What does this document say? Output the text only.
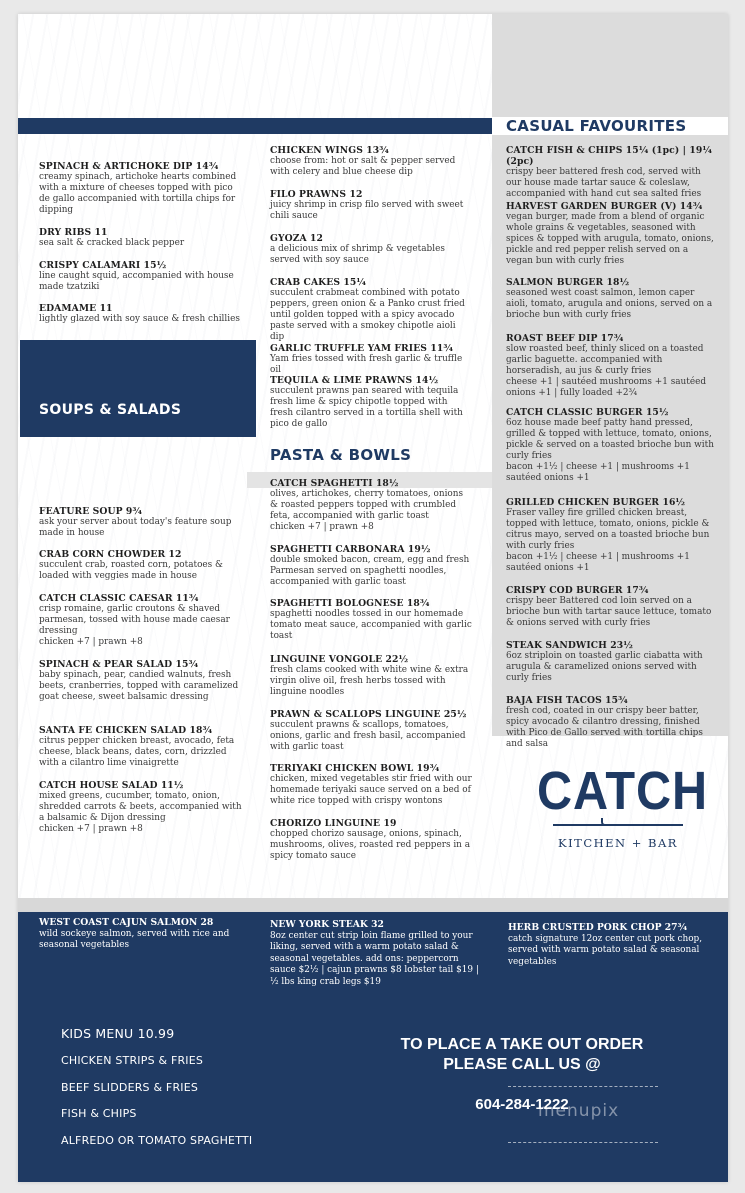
CASUAL FAVOURITES
SOUPS & SALADS
PASTA & BOWLS
SPINACH & ARTICHOKE DIP 14¾
creamy spinach, artichoke hearts combined with a mixture of cheeses topped with pico de gallo accompanied with tortilla chips for dipping
DRY RIBS 11
sea salt & cracked black pepper
CRISPY CALAMARI 15½
line caught squid, accompanied with house made tzatziki
EDAMAME 11
lightly glazed with soy sauce & fresh chillies
CHICKEN WINGS 13¾
choose from: hot or salt & pepper served with celery and blue cheese dip
FILO PRAWNS 12
juicy shrimp in crisp filo served with sweet chili sauce
GYOZA 12
a delicious mix of shrimp & vegetables served with soy sauce
CRAB CAKES 15¼
succulent crabmeat combined with potato peppers, green onion & a Panko crust fried until golden topped with a spicy avocado paste served with a smokey chipotle aioli dip
GARLIC TRUFFLE YAM FRIES 11¾
Yam fries tossed with fresh garlic & truffle oil
TEQUILA & LIME PRAWNS 14½
succulent prawns pan seared with tequila fresh lime & spicy chipotle topped with fresh cilantro served in a tortilla shell with pico de gallo
FEATURE SOUP 9¾
ask your server about today's feature soup made in house
CRAB CORN CHOWDER 12
succulent crab, roasted corn, potatoes & loaded with veggies made in house
CATCH CLASSIC CAESAR 11¾
crisp romaine, garlic croutons & shaved parmesan, tossed with house made caesar dressing
chicken +7 | prawn +8
SPINACH & PEAR SALAD 15¾
baby spinach, pear, candied walnuts, fresh beets, cranberries, topped with caramelized goat cheese, sweet balsamic dressing
SANTA FE CHICKEN SALAD 18¾
citrus pepper chicken breast, avocado, feta cheese, black beans, dates, corn, drizzled with a cilantro lime vinaigrette
CATCH HOUSE SALAD 11½
mixed greens, cucumber, tomato, onion, shredded carrots & beets, accompanied with a balsamic & Dijon dressing
chicken +7 | prawn +8
CATCH SPAGHETTI 18½
olives, artichokes, cherry tomatoes, onions & roasted peppers topped with crumbled feta, accompanied with garlic toast
chicken +7 | prawn +8
SPAGHETTI CARBONARA 19½
double smoked bacon, cream, egg and fresh Parmesan served on spaghetti noodles, accompanied with garlic toast
SPAGHETTI BOLOGNESE 18¾
spaghetti noodles tossed in our homemade tomato meat sauce, accompanied with garlic toast
LINGUINE VONGOLE 22½
fresh clams cooked with white wine & extra virgin olive oil, fresh herbs tossed with linguine noodles
PRAWN & SCALLOPS LINGUINE 25½
succulent prawns & scallops, tomatoes, onions, garlic and fresh basil, accompanied with garlic toast
TERIYAKI CHICKEN BOWL 19¾
chicken, mixed vegetables stir fried with our homemade teriyaki sauce served on a bed of white rice topped with crispy wontons
CHORIZO LINGUINE 19
chopped chorizo sausage, onions, spinach, mushrooms, olives, roasted red peppers in a spicy tomato sauce
CATCH FISH & CHIPS 15¼ (1pc) | 19¼ (2pc)
crispy beer battered fresh cod, served with our house made tartar sauce & coleslaw, accompanied with hand cut sea salted fries
HARVEST GARDEN BURGER (V) 14¾
vegan burger, made from a blend of organic whole grains & vegetables, seasoned with spices & topped with arugula, tomato, onions, pickle and red pepper relish served on a vegan bun with curly fries
SALMON BURGER 18½
seasoned west coast salmon, lemon caper aioli, tomato, arugula and onions, served on a brioche bun with curly fries
ROAST BEEF DIP 17¾
slow roasted beef, thinly sliced on a toasted garlic baguette. accompanied with horseradish, au jus & curly fries
cheese +1 | sautéed mushrooms +1 sautéed onions +1 | fully loaded +2¾
CATCH CLASSIC BURGER 15½
6oz house made beef patty hand pressed, grilled & topped with lettuce, tomato, onions, pickle & served on a toasted brioche bun with curly fries
bacon +1½ | cheese +1 | mushrooms +1 sautéed onions +1
GRILLED CHICKEN BURGER 16½
Fraser valley fire grilled chicken breast, topped with lettuce, tomato, onions, pickle & citrus mayo, served on a toasted brioche bun with curly fries
bacon +1½ | cheese +1 | mushrooms +1 sautéed onions +1
CRISPY COD BURGER 17¾
crispy beer Battered cod loin served on a brioche bun with tartar sauce lettuce, tomato & onions served with curly fries
STEAK SANDWICH 23½
6oz striploin on toasted garlic ciabatta with arugula & caramelized onions served with curly fries
BAJA FISH TACOS 15¾
fresh cod, coated in our crispy beer batter, spicy avocado & cilantro dressing, finished with Pico de Gallo served with tortilla chips and salsa
CATCH
KITCHEN + BAR
WEST COAST CAJUN SALMON 28
wild sockeye salmon, served with rice and seasonal vegetables
NEW YORK STEAK 32
8oz center cut strip loin flame grilled to your liking, served with a warm potato salad & seasonal vegetables. add ons: peppercorn sauce $2½ | cajun prawns $8 lobster tail $19 | ½ lbs king crab legs $19
HERB CRUSTED PORK CHOP 27¾
catch signature 12oz center cut pork chop, served with warm potato salad & seasonal vegetables
KIDS MENU 10.99
CHICKEN STRIPS & FRIES
BEEF SLIDDERS & FRIES
FISH & CHIPS
ALFREDO OR TOMATO SPAGHETTI
TO PLACE A TAKE OUT ORDER
PLEASE CALL US @
604-284-1222
menupix
